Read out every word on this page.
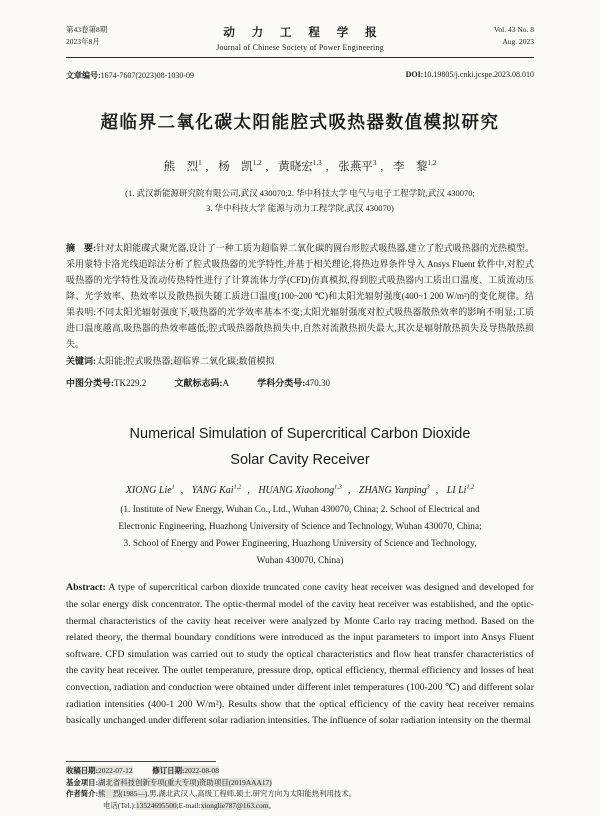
第43卷第8期
2023年8月
动 力 工 程 学 报
Journal of Chinese Society of Power Engineering
Vol. 43 No. 8
Aug. 2023
文章编号:1674-7607(2023)08-1030-09	DOI:10.19805/j.cnki.jcspe.2023.08.010
超临界二氧化碳太阳能腔式吸热器数值模拟研究
熊　烈$^1$ , 杨　凯$^{1,2}$ , 黄晓宏$^{1,3}$ , 张燕平$^3$ , 李　黎$^{1,2}$
(1. 武汉新能源研究院有限公司,武汉 430070;2. 华中科技大学 电气与电子工程学院,武汉 430070;
3. 华中科技大学 能源与动力工程学院,武汉 430070)

摘　要:针对太阳能碟式聚光器,设计了一种工质为超临界二氧化碳的圆台形腔式吸热器,建立了腔式吸热器的光热模型。采用蒙特卡洛光线追踪法分析了腔式吸热器的光学特性,并基于相关理论,将热边界条件导入 Ansys Fluent 软件中,对腔式吸热器的光学特性及流动传热特性进行了计算流体力学(CFD)仿真模拟,得到腔式吸热器内工质出口温度、工质流动压降、光学效率、热效率以及散热损失随工质进口温度(100~200 ℃)和太阳光辐射强度(400~1 200 W/m²)的变化规律。结果表明:不同太阳光辐射强度下,吸热器的光学效率基本不变;太阳光辐射强度对腔式吸热器散热效率的影响不明显;工质进口温度越高,吸热器的热效率越低;腔式吸热器散热损失中,自然对流散热损失最大,其次是辐射散热损失及导热散热损失。

关键词:太阳能;腔式吸热器;超临界二氧化碳;数值模拟

中图分类号:TK229.2	文献标志码:A	学科分类号:470.30
Numerical Simulation of Supercritical Carbon Dioxide
Solar Cavity Receiver
XIONG Lie$^1$ , YANG Kai$^{1,2}$ , HUANG Xiaohong$^{1,3}$ , ZHANG Yanping$^3$ , LI Li$^{1,2}$
(1. Institute of New Energy, Wuhan Co., Ltd., Wuhan 430070, China; 2. School of Electrical and
Electronic Engineering, Huazhong University of Science and Technology, Wuhan 430070, China;
3. School of Energy and Power Engineering, Huazhong University of Science and Technology,
Wuhan 430070, China)

Abstract: A type of supercritical carbon dioxide truncated cone cavity heat receiver was designed and developed for the solar energy disk concentrator. The optic-thermal model of the cavity heat receiver was established, and the optic-thermal characteristics of the cavity heat receiver were analyzed by Monte Carlo ray tracing method. Based on the related theory, the thermal boundary conditions were introduced as the input parameters to import into Ansys Fluent software. CFD simulation was carried out to study the optical characteristics and flow heat transfer characteristics of the cavity heat receiver. The outlet temperature, pressure drop, optical efficiency, thermal efficiency and losses of heat convection, radiation and conduction were obtained under different inlet temperatures (100-200 ℃) and different solar radiation intensities (400-1 200 W/m²). Results show that the optical efficiency of the cavity heat receiver remains basically unchanged under different solar radiation intensities. The influence of solar radiation intensity on the thermal

收稿日期:2022-07-12	修订日期:2022-08-08
基金项目:湖北省科技创新专项(重大专项)资助项目(2019AAA17)
作者简介:熊　烈(1985—),男,湖北武汉人,高级工程师,硕士,研究方向为太阳能热利用技术。
电话(Tel.):13524695500;E-mail:xionglie787@163.com。
